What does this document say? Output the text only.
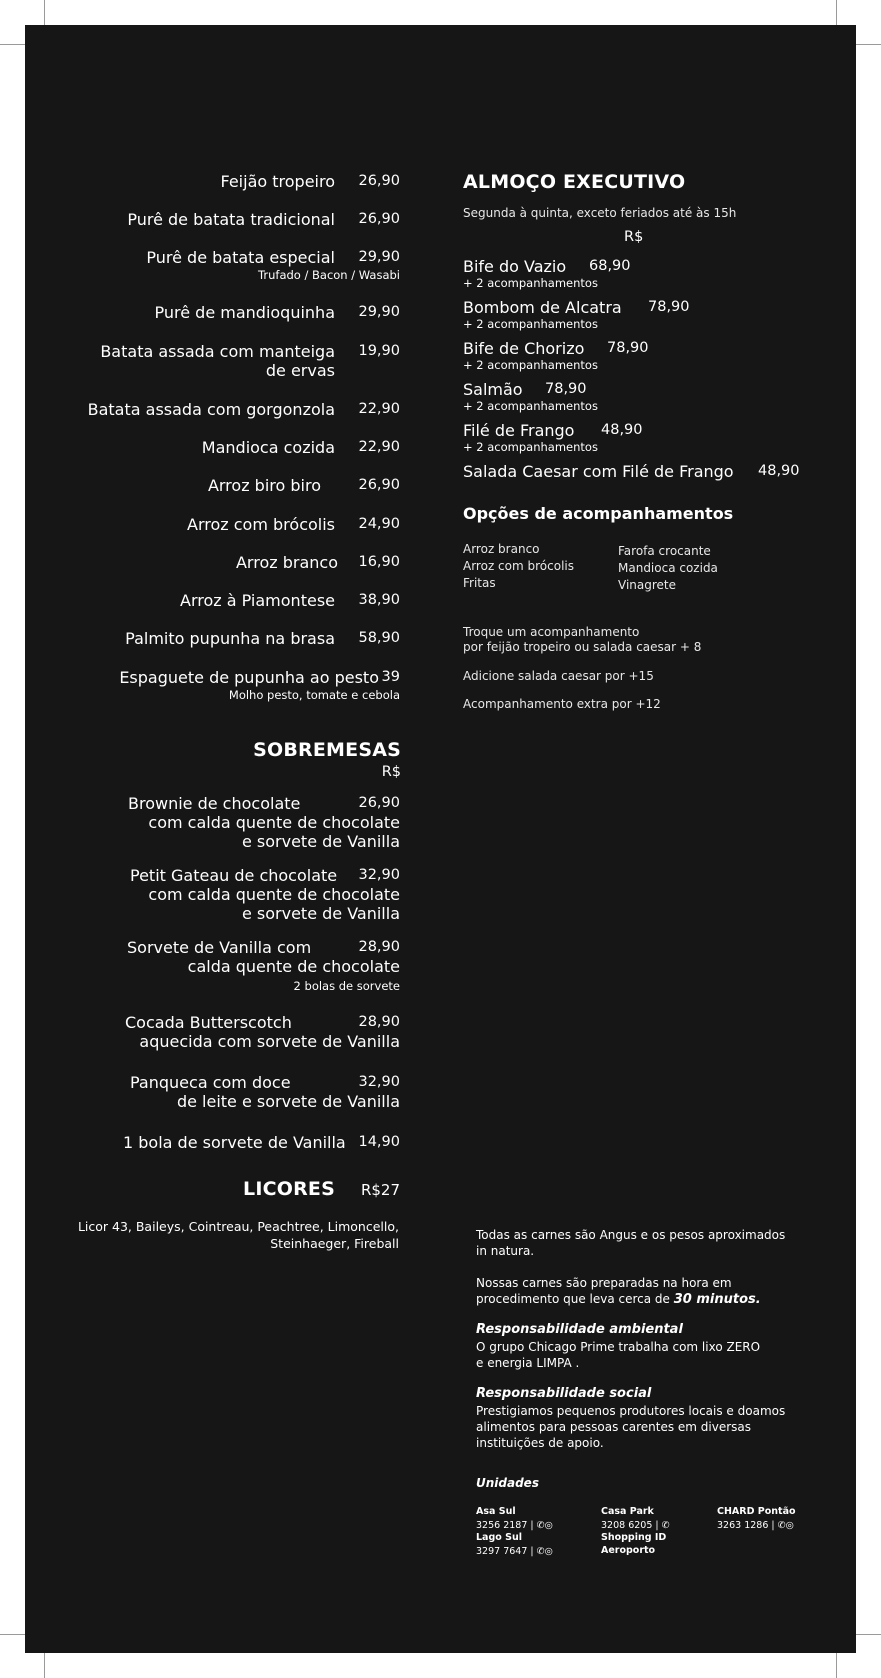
Feijão tropeiro 26,90
Purê de batata tradicional 26,90
Purê de batata especial 29,90
Trufado / Bacon / Wasabi
Purê de mandioquinha 29,90
Batata assada com manteiga 19,90
de ervas
Batata assada com gorgonzola 22,90
Mandioca cozida 22,90
Arroz biro biro	26,90
Arroz com brócolis 24,90
Arroz branco 16,90
Arroz à Piamontese 38,90
Palmito pupunha na brasa 58,90
Espaguete de pupunha ao pesto 39
Molho pesto, tomate e cebola
SOBREMESAS
R$
Brownie de chocolate	26,90
com calda quente de chocolate
e sorvete de Vanilla
Petit Gateau de chocolate 32,90
com calda quente de chocolate
e sorvete de Vanilla
Sorvete de Vanilla com	28,90
calda quente de chocolate
2 bolas de sorvete
Cocada Butterscotch	28,90
aquecida com sorvete de Vanilla
Panqueca com doce	32,90
de leite e sorvete de Vanilla
1 bola de sorvete de Vanilla 14,90
LICORES R$27
Licor 43, Baileys, Cointreau, Peachtree, Limoncello,
Steinhaeger, Fireball
ALMOÇO EXECUTIVO
Segunda à quinta, exceto feriados até às 15h
R$
Bife do Vazio 68,90
+ 2 acompanhamentos
Bombom de Alcatra 78,90
+ 2 acompanhamentos
Bife de Chorizo 78,90
+ 2 acompanhamentos
Salmão 78,90
+ 2 acompanhamentos
Filé de Frango 48,90
+ 2 acompanhamentos
Salada Caesar com Filé de Frango 48,90
Opções de acompanhamentos
Arroz branco
Arroz com brócolis
Fritas
Farofa crocante
Mandioca cozida
Vinagrete
Troque um acompanhamento
por feijão tropeiro ou salada caesar + 8
Adicione salada caesar por +15
Acompanhamento extra por +12
Todas as carnes são Angus e os pesos aproximados in natura.
Nossas carnes são preparadas na hora em procedimento que leva cerca de 30 minutos.
Responsabilidade ambiental
O grupo Chicago Prime trabalha com lixo ZERO
e energia LIMPA .
Responsabilidade social
Prestigiamos pequenos produtores locais e doamos alimentos para pessoas carentes em diversas instituições de apoio.
Unidades
Asa Sul
3256 2187 | ✆◎
Lago Sul
3297 7647 | ✆◎
Casa Park
3208 6205 | ✆
Shopping ID
Aeroporto
CHARD Pontão
3263 1286 | ✆◎
